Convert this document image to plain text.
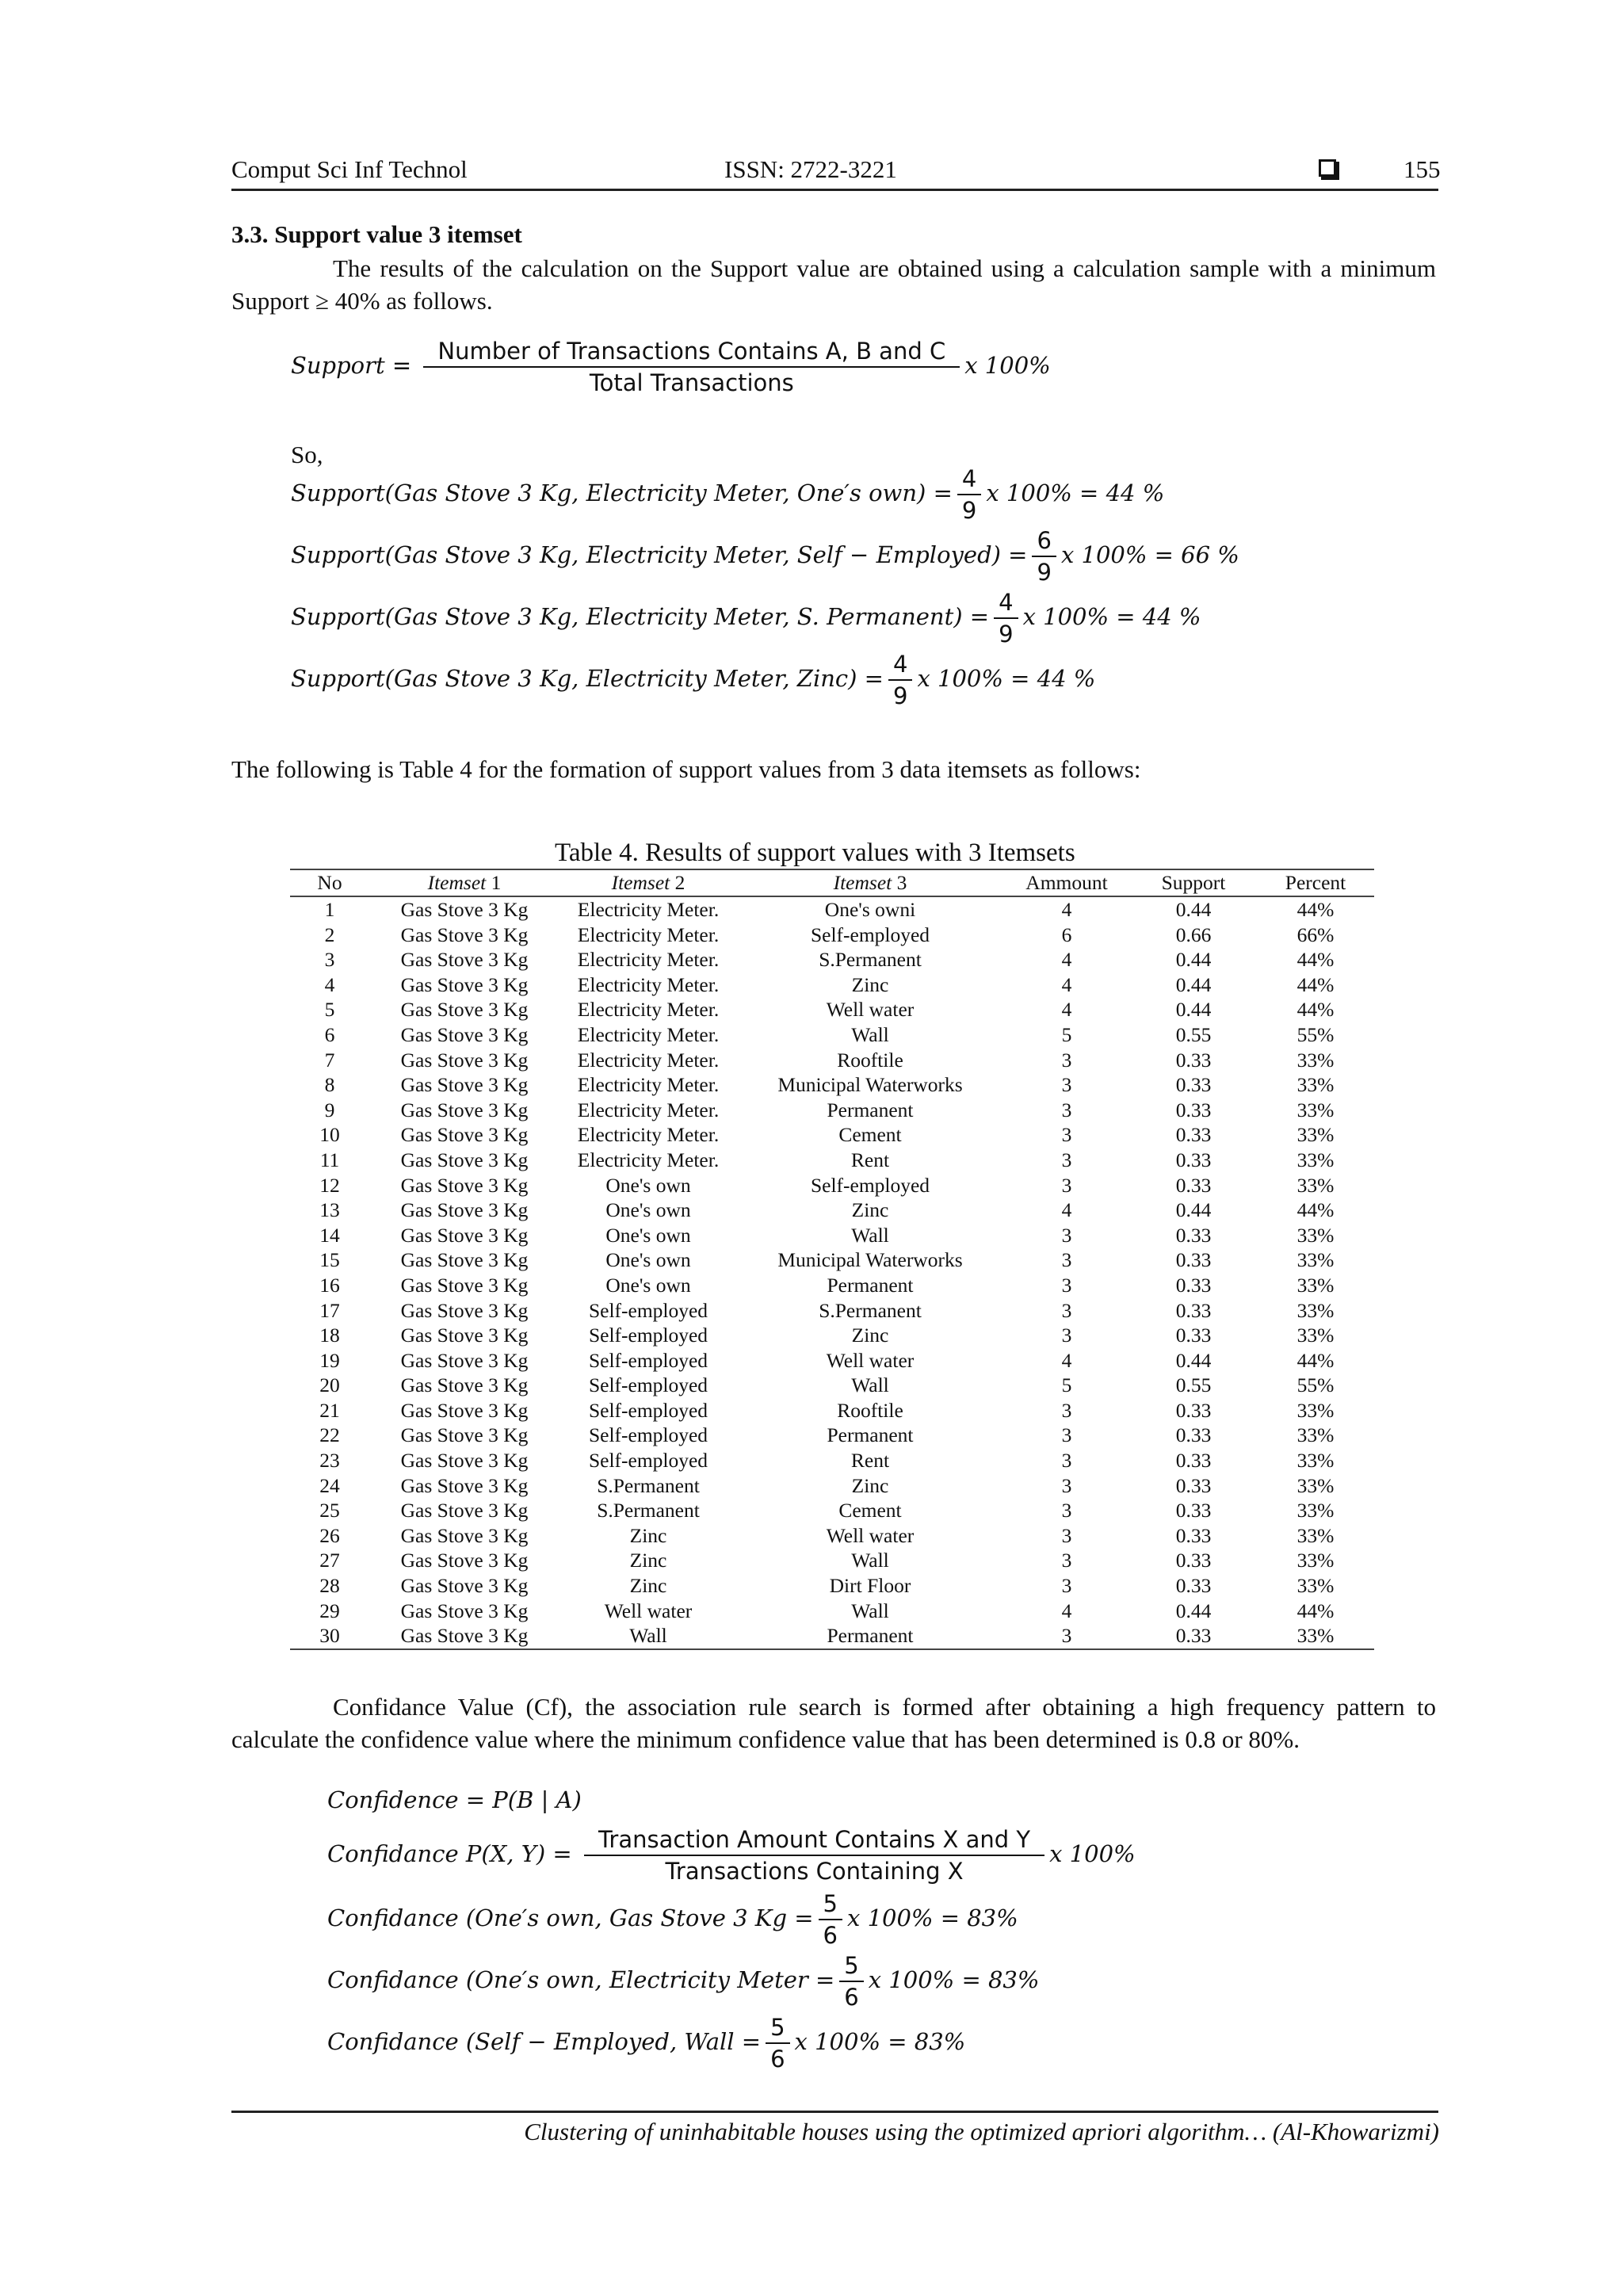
Comput Sci Inf Technol	ISSN: 2722-3221	155
3.3. Support value 3 itemset
The results of the calculation on the Support value are obtained using a calculation sample with a minimum Support ≥ 40% as follows.
Support = $\frac{\text{Number of Transactions Contains A, B and C}}{\text{Total Transactions}}$ x 100%
So,
Support(Gas Stove 3 Kg, Electricity Meter, One′s $own) = \frac{4}{9}$ x 100% = 44 %
Support(Gas Stove 3 Kg, Electricity Meter, Self − Employed) = $\frac{6}{9}$ x 100% = 66 %
Support(Gas Stove 3 Kg, Electricity Meter, S. Permanent) = $\frac{4}{9}$ x 100% = 44 %
Support(Gas Stove 3 Kg, Electricity Meter, Zinc) = $\frac{4}{9}$ x 100% = 44 %
The following is Table 4 for the formation of support values from 3 data itemsets as follows:
Table 4. Results of support values with 3 Itemsets
No	Itemset 1	Itemset 2	Itemset 3	Ammount	Support	Percent
1	Gas Stove 3 Kg	Electricity Meter.	One's owni	4	0.44	44%
2	Gas Stove 3 Kg	Electricity Meter.	Self-employed	6	0.66	66%
3	Gas Stove 3 Kg	Electricity Meter.	S.Permanent	4	0.44	44%
4	Gas Stove 3 Kg	Electricity Meter.	Zinc	4	0.44	44%
5	Gas Stove 3 Kg	Electricity Meter.	Well water	4	0.44	44%
6	Gas Stove 3 Kg	Electricity Meter.	Wall	5	0.55	55%
7	Gas Stove 3 Kg	Electricity Meter.	Rooftile	3	0.33	33%
8	Gas Stove 3 Kg	Electricity Meter.	Municipal Waterworks	3	0.33	33%
9	Gas Stove 3 Kg	Electricity Meter.	Permanent	3	0.33	33%
10	Gas Stove 3 Kg	Electricity Meter.	Cement	3	0.33	33%
11	Gas Stove 3 Kg	Electricity Meter.	Rent	3	0.33	33%
12	Gas Stove 3 Kg	One's own	Self-employed	3	0.33	33%
13	Gas Stove 3 Kg	One's own	Zinc	4	0.44	44%
14	Gas Stove 3 Kg	One's own	Wall	3	0.33	33%
15	Gas Stove 3 Kg	One's own	Municipal Waterworks	3	0.33	33%
16	Gas Stove 3 Kg	One's own	Permanent	3	0.33	33%
17	Gas Stove 3 Kg	Self-employed	S.Permanent	3	0.33	33%
18	Gas Stove 3 Kg	Self-employed	Zinc	3	0.33	33%
19	Gas Stove 3 Kg	Self-employed	Well water	4	0.44	44%
20	Gas Stove 3 Kg	Self-employed	Wall	5	0.55	55%
21	Gas Stove 3 Kg	Self-employed	Rooftile	3	0.33	33%
22	Gas Stove 3 Kg	Self-employed	Permanent	3	0.33	33%
23	Gas Stove 3 Kg	Self-employed	Rent	3	0.33	33%
24	Gas Stove 3 Kg	S.Permanent	Zinc	3	0.33	33%
25	Gas Stove 3 Kg	S.Permanent	Cement	3	0.33	33%
26	Gas Stove 3 Kg	Zinc	Well water	3	0.33	33%
27	Gas Stove 3 Kg	Zinc	Wall	3	0.33	33%
28	Gas Stove 3 Kg	Zinc	Dirt Floor	3	0.33	33%
29	Gas Stove 3 Kg	Well water	Wall	4	0.44	44%
30	Gas Stove 3 Kg	Wall	Permanent	3	0.33	33%
Confidance Value (Cf), the association rule search is formed after obtaining a high frequency pattern to calculate the confidence value where the minimum confidence value that has been determined is 0.8 or 80%.
Confidence = P(B | A)
Confidance P(X, $Y) = \frac{\text{Transaction Amount Contains X and Y}}{\text{Transactions Containing X}}$ x 100%
Confidance (One′s own, Gas Stove 3 $Kg = \frac{5}{6}$ x 100% = 83%
Confidance (One′s own, Electricity Meter = $\frac{5}{6}$ x 100% = 83%
Confidance (Self − Employed, Wall = $\frac{5}{6}$ x 100% = 83%
Clustering of uninhabitable houses using the optimized apriori algorithm… (Al-Khowarizmi)
